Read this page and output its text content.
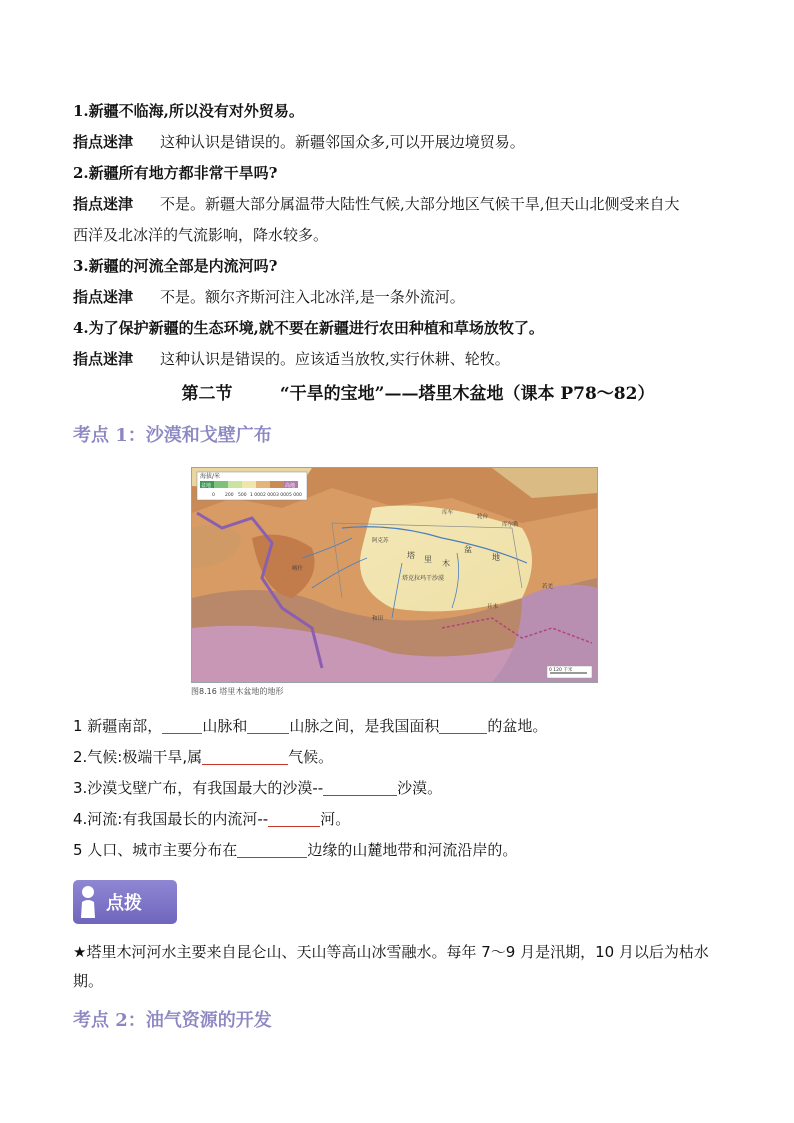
1.新疆不临海,所以没有对外贸易。
指点迷津 这种认识是错误的。新疆邻国众多,可以开展边境贸易。
2.新疆所有地方都非常干旱吗?
指点迷津 不是。新疆大部分属温带大陆性气候,大部分地区气候干旱,但天山北侧受来自大
西洋及北冰洋的气流影响，降水较多。
3.新疆的河流全部是内流河吗?
指点迷津 不是。额尔齐斯河注入北冰洋,是一条外流河。
4.为了保护新疆的生态环境,就不要在新疆进行农田种植和草场放牧了。
指点迷津 这种认识是错误的。应该适当放牧,实行休耕、轮牧。
第二节	“干旱的宝地”——塔里木盆地（课本 P78～82）
考点 1：沙漠和戈壁广布
海拔/米
盆地	高地
0 200 500 1 000 2 000 3 000 5 000
塔 里 木
盆
地
塔克拉玛干沙漠
喀什
阿克苏
库尔勒
和田
且末
若羌
库车
轮台
0 120 千米
图8.16 塔里木盆地的地形
1 新疆南部，	山脉和	山脉之间，是我国面积	的盆地。
2.气候:极端干旱,属	气候。
3.沙漠戈壁广布，有我国最大的沙漠--	沙漠。
4.河流:有我国最长的内流河--	河。
5 人口、城市主要分布在	边缘的山麓地带和河流沿岸的。
点拨
★塔里木河河水主要来自昆仑山、天山等高山冰雪融水。每年 7～9 月是汛期，10 月以后为枯水期。
考点 2：油气资源的开发
